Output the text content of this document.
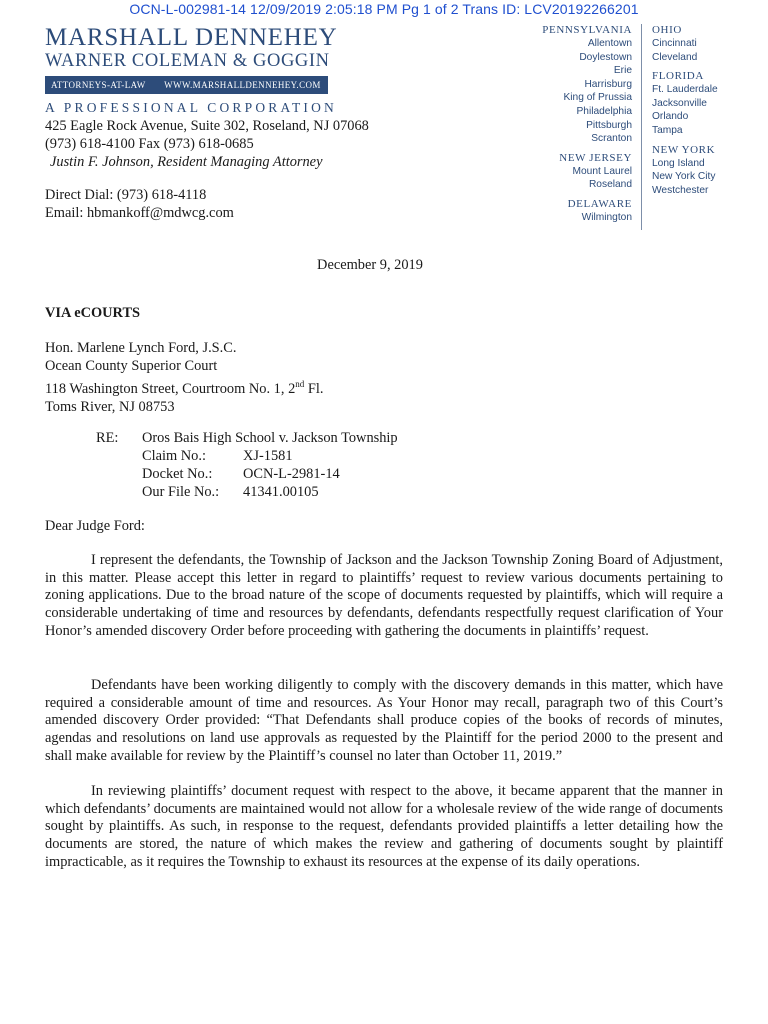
OCN-L-002981-14 12/09/2019 2:05:18 PM Pg 1 of 2 Trans ID: LCV20192266201
MARSHALL DENNEHEY
WARNER COLEMAN & GOGGIN
ATTORNEYS-AT-LAW WWW.MARSHALLDENNEHEY.COM
A PROFESSIONAL CORPORATION
425 Eagle Rock Avenue, Suite 302, Roseland, NJ 07068
(973) 618-4100 Fax (973) 618-0685
Justin F. Johnson, Resident Managing Attorney
Direct Dial: (973) 618-4118
Email: hbmankoff@mdwcg.com
PENNSYLVANIA
Allentown
Doylestown
Erie
Harrisburg
King of Prussia
Philadelphia
Pittsburgh
Scranton
NEW JERSEY
Mount Laurel
Roseland
DELAWARE
Wilmington
OHIO
Cincinnati
Cleveland
FLORIDA
Ft. Lauderdale
Jacksonville
Orlando
Tampa
NEW YORK
Long Island
New York City
Westchester
December 9, 2019
VIA eCOURTS
Hon. Marlene Lynch Ford, J.S.C.
Ocean County Superior Court
118 Washington Street, Courtroom No. 1, 2nd Fl.
Toms River, NJ 08753
RE:	Oros Bais High School v. Jackson Township
Claim No.:	XJ-1581
Docket No.:	OCN-L-2981-14
Our File No.:	41341.00105
Dear Judge Ford:

I represent the defendants, the Township of Jackson and the Jackson Township Zoning Board of Adjustment, in this matter. Please accept this letter in regard to plaintiffs’ request to review various documents pertaining to zoning applications. Due to the broad nature of the scope of documents requested by plaintiffs, which will require a considerable undertaking of time and resources by defendants, defendants respectfully request clarification of Your Honor’s amended discovery Order before proceeding with gathering the documents in plaintiffs’ request.

Defendants have been working diligently to comply with the discovery demands in this matter, which have required a considerable amount of time and resources. As Your Honor may recall, paragraph two of this Court’s amended discovery Order provided: “That Defendants shall produce copies of the books of records of minutes, agendas and resolutions on land use approvals as requested by the Plaintiff for the period 2000 to the present and shall make available for review by the Plaintiff’s counsel no later than October 11, 2019.”

In reviewing plaintiffs’ document request with respect to the above, it became apparent that the manner in which defendants’ documents are maintained would not allow for a wholesale review of the wide range of documents sought by plaintiffs. As such, in response to the request, defendants provided plaintiffs a letter detailing how the documents are stored, the nature of which makes the review and gathering of documents sought by plaintiff impracticable, as it requires the Township to exhaust its resources at the expense of its daily operations.
